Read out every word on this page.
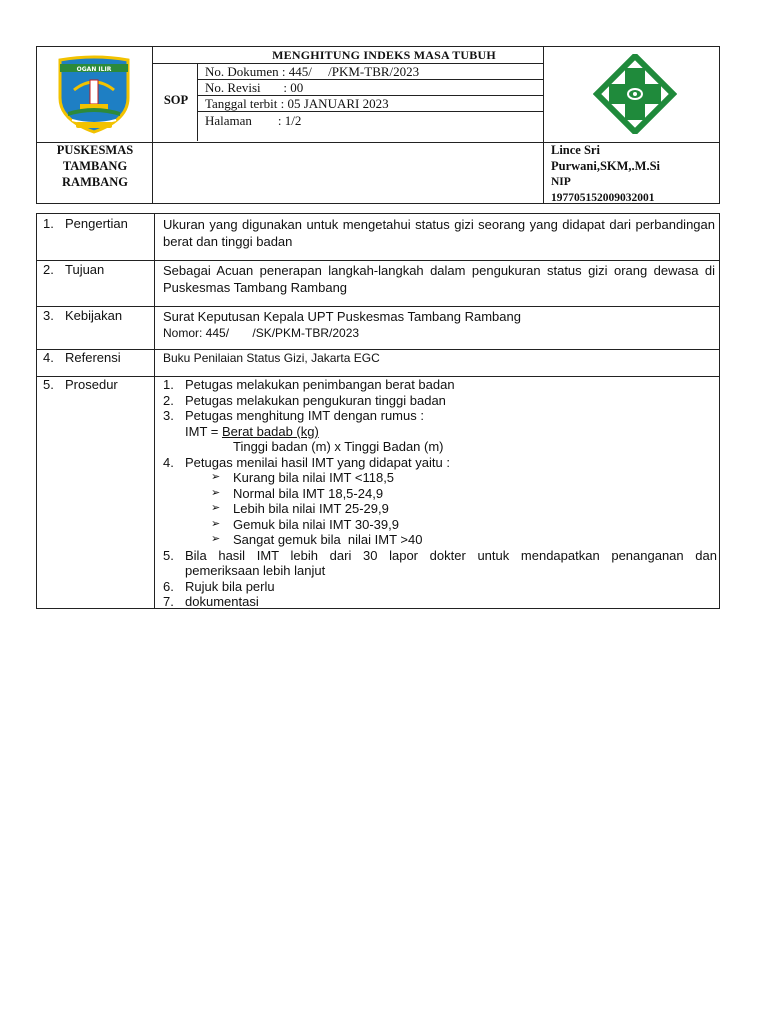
OGAN ILIR
MENGHITUNG INDEKS MASA TUBUH
SOP
No. Dokumen : 445/     /PKM-TBR/2023
No. Revisi       : 00
Tanggal terbit : 05 JANUARI 2023
Halaman        : 1/2
PUSKESMAS
TAMBANG
RAMBANG
Lince Sri
Purwani,SKM,.M.Si
NIP
197705152009032001
1. Pengertian	Ukuran yang digunakan untuk mengetahui status gizi seorang yang didapat dari perbandingan berat dan tinggi badan
2. Tujuan	Sebagai Acuan penerapan langkah-langkah dalam pengukuran status gizi orang dewasa di Puskesmas Tambang Rambang
3. Kebijakan	Surat Keputusan Kepala UPT Puskesmas Tambang Rambang
Nomor: 445/       /SK/PKM-TBR/2023
4. Referensi	Buku Penilaian Status Gizi, Jakarta EGC
5. Prosedur	1. Petugas melakukan penimbangan berat badan
2. Petugas melakukan pengukuran tinggi badan
3. Petugas menghitung IMT dengan rumus :
IMT = Berat badab (kg)
Tinggi badan (m) x Tinggi Badan (m)
4. Petugas menilai hasil IMT yang didapat yaitu :
➢ Kurang bila nilai IMT <118,5
➢ Normal bila IMT 18,5-24,9
➢ Lebih bila nilai IMT 25-29,9
➢ Gemuk bila nilai IMT 30-39,9
➢ Sangat gemuk bila  nilai IMT >40
5. Bila hasil IMT lebih dari 30 lapor dokter untuk mendapatkan penanganan dan
pemeriksaan lebih lanjut
6. Rujuk bila perlu
7. dokumentasi
